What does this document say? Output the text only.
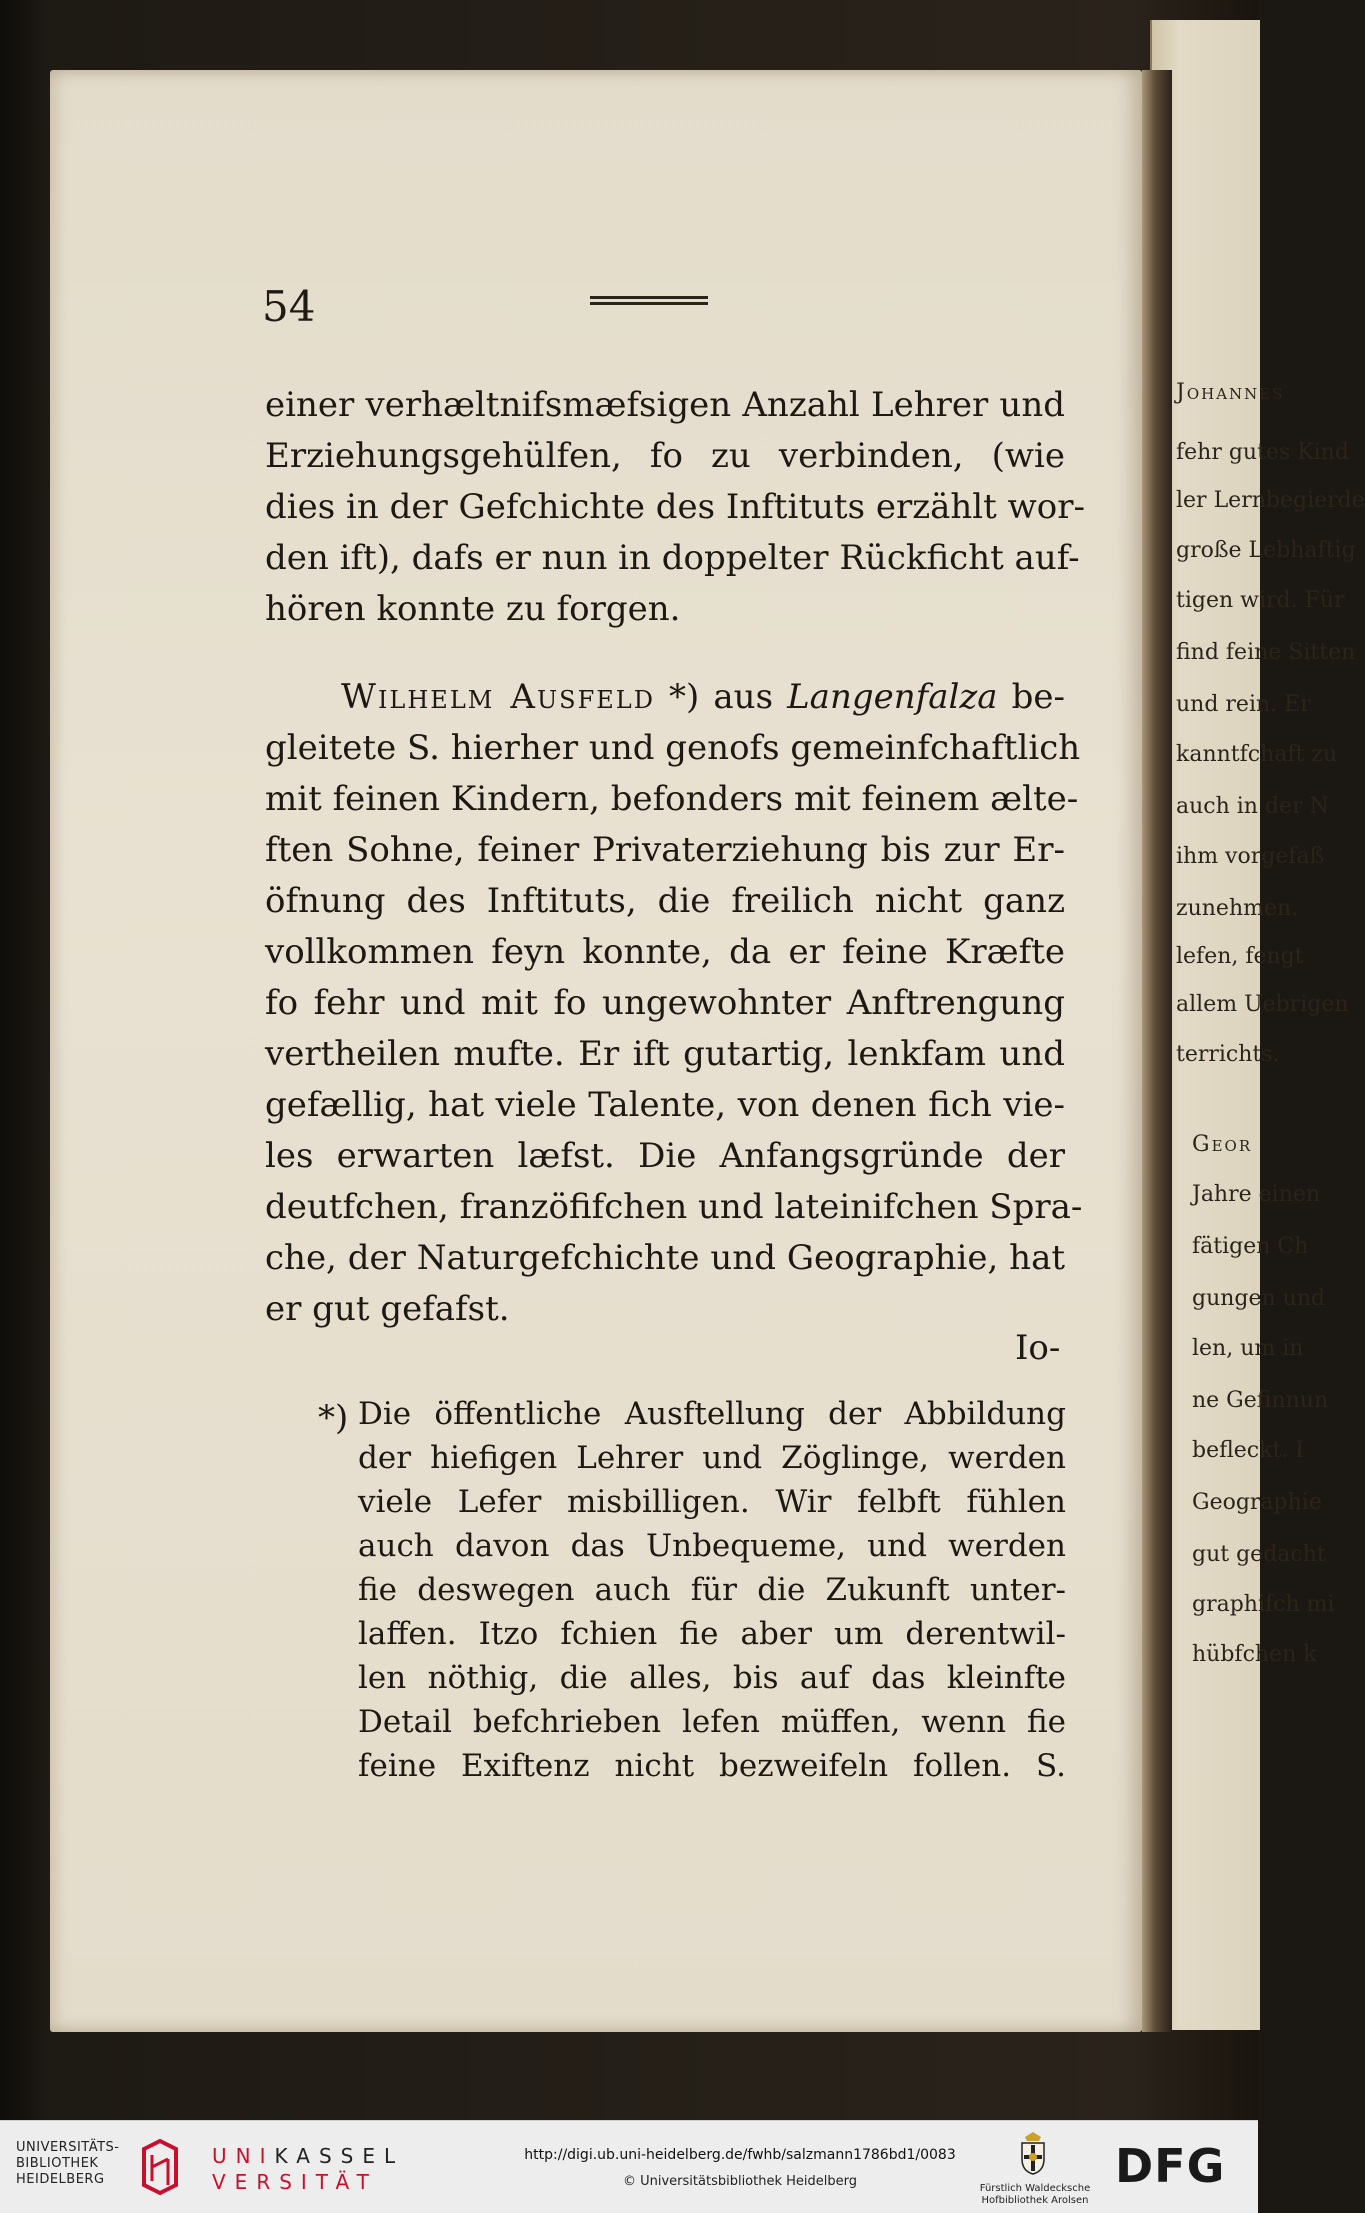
Johannes
fehr gutes Kind
ler Lernbegierde
große Lebhaftig
tigen wird. Für
find feine Sitten
und rein. Er
kanntfchaft zu
auch in der N
ihm vorgefaß
zunehmen.
lefen, fengt
allem Uebrigen
terrichts.
Geor
Jahre einen
fätigen Ch
gungen und
len, um in
ne Gefinnun
befleckt. I
Geographie
gut gedacht
graphifch mi
hübfchen k
54
einer verhæltnifsmæfsigen Anzahl Lehrer und
Erziehungsgehülfen, fo zu verbinden, (wie
dies in der Gefchichte des Inftituts erzählt wor-
den ift), dafs er nun in doppelter Rückficht auf-
hören konnte zu forgen.
Wilhelm Ausfeld *) aus Langenfalza be-
gleitete S. hierher und genofs gemeinfchaftlich
mit feinen Kindern, befonders mit feinem ælte-
ften Sohne, feiner Privaterziehung bis zur Er-
öfnung des Inftituts, die freilich nicht ganz
vollkommen feyn konnte, da er feine Kræfte
fo fehr und mit fo ungewohnter Anftrengung
vertheilen mufte. Er ift gutartig, lenkfam und
gefællig, hat viele Talente, von denen fich vie-
les erwarten læfst. Die Anfangsgründe der
deutfchen, franzöfifchen und lateinifchen Spra-
che, der Naturgefchichte und Geographie, hat
er gut gefafst.
Io-
*) Die öffentliche Ausftellung der Abbildung
der hiefigen Lehrer und Zöglinge, werden
viele Lefer misbilligen. Wir felbft fühlen
auch davon das Unbequeme, und werden
fie deswegen auch für die Zukunft unter-
laffen. Itzo fchien fie aber um derentwil-
len nöthig, die alles, bis auf das kleinfte
Detail befchrieben lefen müffen, wenn fie
feine Exiftenz nicht bezweifeln follen. S.
UNIVERSITÄTS-
BIBLIOTHEK
HEIDELBERG
UNIKASSEL
VERSITÄT
http://digi.ub.uni-heidelberg.de/fwhb/salzmann1786bd1/0083
© Universitätsbibliothek Heidelberg	Fürstlich Waldecksche
Hofbibliothek Arolsen
DFG
